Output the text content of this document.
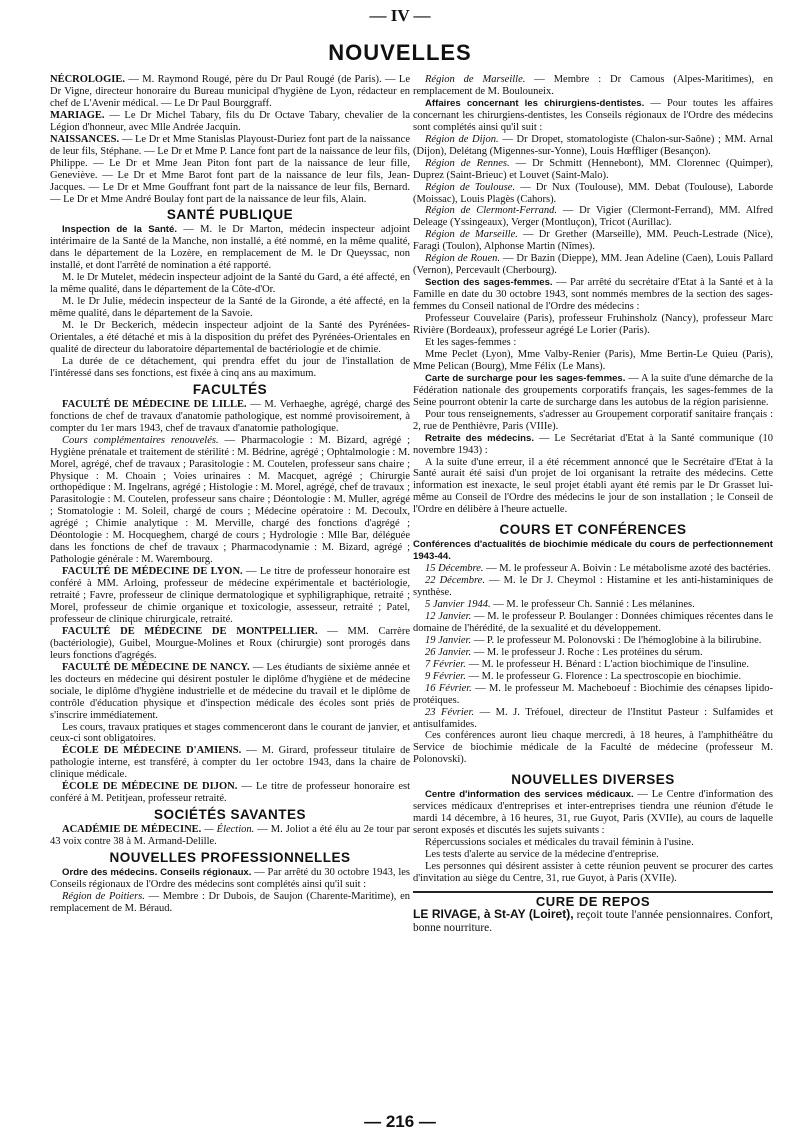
— IV —
NOUVELLES

NÉCROLOGIE. — M. Raymond Rougé, père du Dr Paul Rougé (de Paris). — Le Dr Vigne, directeur honoraire du Bureau municipal d'hygiène de Lyon, rédacteur en chef de L'Avenir médical. — Le Dr Paul Bourggraff.

MARIAGE. — Le Dr Michel Tabary, fils du Dr Octave Tabary, chevalier de la Légion d'honneur, avec Mlle Andrée Jacquin.

NAISSANCES. — Le Dr et Mme Stanislas Playoust-Duriez font part de la naissance de leur fils, Stéphane. — Le Dr et Mme P. Lance font part de la naissance de leur fils, Philippe. — Le Dr et Mme Jean Piton font part de la naissance de leur fille, Geneviève. — Le Dr et Mme Barot font part de la naissance de leur fils, Jean-Jacques. — Le Dr et Mme Gouffrant font part de la naissance de leur fils, Bernard. — Le Dr et Mme André Boulay font part de la naissance de leur fils, Alain.

SANTÉ PUBLIQUE

Inspection de la Santé. — M. le Dr Marton, médecin inspecteur adjoint intérimaire de la Santé de la Manche, non installé, a été nommé, en la même qualité, dans le département de la Lozère, en remplacement de M. le Dr Queyssac, non installé, et dont l'arrêté de nomination a été rapporté.

M. le Dr Mutelet, médecin inspecteur adjoint de la Santé du Gard, a été affecté, en la même qualité, dans le département de la Côte-d'Or.

M. le Dr Julie, médecin inspecteur de la Santé de la Gironde, a été affecté, en la même qualité, dans le département de la Savoie.

M. le Dr Beckerich, médecin inspecteur adjoint de la Santé des Pyrénées-Orientales, a été détaché et mis à la disposition du préfet des Pyrénées-Orientales en qualité de directeur du laboratoire départemental de bactériologie et de chimie.

La durée de ce détachement, qui prendra effet du jour de l'installation de l'intéressé dans ses fonctions, est fixée à cinq ans au maximum.

FACULTÉS

FACULTÉ DE MÉDECINE DE LILLE. — M. Verhaeghe, agrégé, chargé des fonctions de chef de travaux d'anatomie pathologique, est nommé provisoirement, à compter du 1er mars 1943, chef de travaux d'anatomie pathologique.

Cours complémentaires renouvelés. — Pharmacologie : M. Bizard, agrégé ; Hygiène prénatale et traitement de stérilité : M. Bédrine, agrégé ; Ophtalmologie : M. Morel, agrégé, chef de travaux ; Parasitologie : M. Coutelen, professeur sans chaire ; Physique : M. Choain ; Voies urinaires : M. Macquet, agrégé ; Chirurgie orthopédique : M. Ingelrans, agrégé ; Histologie : M. Morel, agrégé, chef de travaux ; Parasitologie : M. Coutelen, professeur sans chaire ; Déontologie : M. Muller, agrégé ; Stomatologie : M. Soleil, chargé de cours ; Médecine opératoire : M. Decoulx, agrégé ; Chimie analytique : M. Merville, chargé des fonctions d'agrégé ; Déontologie : M. Hocqueghem, chargé de cours ; Hydrologie : Mlle Bar, déléguée dans les fonctions de chef de travaux ; Pharmacodynamie : M. Bizard, agrégé ; Pathologie générale : M. Warembourg.

FACULTÉ DE MÉDECINE DE LYON. — Le titre de professeur honoraire est conféré à MM. Arloing, professeur de médecine expérimentale et bactériologie, retraité ; Favre, professeur de clinique dermatologique et syphiligraphique, retraité ; Morel, professeur de chimie organique et toxicologie, assesseur, retraité ; Patel, professeur de clinique chirurgicale, retraité.

FACULTÉ DE MÉDECINE DE MONTPELLIER. — MM. Carrère (bactériologie), Guibel, Mourgue-Molines et Roux (chirurgie) sont prorogés dans leurs fonctions d'agrégés.

FACULTÉ DE MÉDECINE DE NANCY. — Les étudiants de sixième année et les docteurs en médecine qui désirent postuler le diplôme d'hygiène et de médecine sociale, le diplôme d'hygiène industrielle et de médecine du travail et le diplôme de contrôle d'éducation physique et d'inspection médicale des écoles sont priés de s'inscrire immédiatement.

Les cours, travaux pratiques et stages commenceront dans le courant de janvier, et ceux-ci sont obligatoires.

ÉCOLE DE MÉDECINE D'AMIENS. — M. Girard, professeur titulaire de pathologie interne, est transféré, à compter du 1er octobre 1943, dans la chaire de clinique médicale.

ÉCOLE DE MÉDECINE DE DIJON. — Le titre de professeur honoraire est conféré à M. Petitjean, professeur retraité.

SOCIÉTÉS SAVANTES

ACADÉMIE DE MÉDECINE. — Élection. — M. Joliot a été élu au 2e tour par 43 voix contre 38 à M. Armand-Delille.

NOUVELLES PROFESSIONNELLES

Ordre des médecins. Conseils régionaux. — Par arrêté du 30 octobre 1943, les Conseils régionaux de l'Ordre des médecins sont complétés ainsi qu'il suit :

Région de Poitiers. — Membre : Dr Dubois, de Saujon (Charente-Maritime), en remplacement de M. Béraud.

Région de Marseille. — Membre : Dr Camous (Alpes-Maritimes), en remplacement de M. Boulouneix.

Affaires concernant les chirurgiens-dentistes. — Pour toutes les affaires concernant les chirurgiens-dentistes, les Conseils régionaux de l'Ordre des médecins sont complétés ainsi qu'il suit :

Région de Dijon. — Dr Dropet, stomatologiste (Chalon-sur-Saône) ; MM. Arnal (Dijon), Delétang (Migennes-sur-Yonne), Louis Hœffliger (Besançon).

Région de Rennes. — Dr Schmitt (Hennebont), MM. Clorennec (Quimper), Duprez (Saint-Brieuc) et Louvet (Saint-Malo).

Région de Toulouse. — Dr Nux (Toulouse), MM. Debat (Toulouse), Laborde (Moissac), Louis Plagès (Cahors).

Région de Clermont-Ferrand. — Dr Vigier (Clermont-Ferrand), MM. Alfred Deleage (Yssingeaux), Verger (Montluçon), Tricot (Aurillac).

Région de Marseille. — Dr Grether (Marseille), MM. Peuch-Lestrade (Nice), Faragi (Toulon), Alphonse Martin (Nîmes).

Région de Rouen. — Dr Bazin (Dieppe), MM. Jean Adeline (Caen), Louis Pallard (Vernon), Percevault (Cherbourg).

Section des sages-femmes. — Par arrêté du secrétaire d'Etat à la Santé et à la Famille en date du 30 octobre 1943, sont nommés membres de la section des sages-femmes du Conseil national de l'Ordre des médecins :

Professeur Couvelaire (Paris), professeur Fruhinsholz (Nancy), professeur Marc Rivière (Bordeaux), professeur agrégé Le Lorier (Paris).

Et les sages-femmes :

Mme Peclet (Lyon), Mme Valby-Renier (Paris), Mme Bertin-Le Quieu (Paris), Mme Pelican (Bourg), Mme Félix (Le Mans).

Carte de surcharge pour les sages-femmes. — A la suite d'une démarche de la Fédération nationale des groupements corporatifs français, les sages-femmes de la Seine pourront obtenir la carte de surcharge dans les autobus de la région parisienne.

Pour tous renseignements, s'adresser au Groupement corporatif sanitaire français : 2, rue de Penthièvre, Paris (VIIIe).

Retraite des médecins. — Le Secrétariat d'Etat à la Santé communique (10 novembre 1943) :

A la suite d'une erreur, il a été récemment annoncé que le Secrétaire d'Etat à la Santé aurait été saisi d'un projet de loi organisant la retraite des médecins. Cette information est inexacte, le seul projet établi ayant été remis par le Dr Grasset lui-même au Conseil de l'Ordre des médecins le jour de son installation ; le Conseil de l'Ordre en délibère à l'heure actuelle.

COURS ET CONFÉRENCES

Conférences d'actualités de biochimie médicale du cours de perfectionnement 1943-44.

15 Décembre. — M. le professeur A. Boivin : Le métabolisme azoté des bactéries.

22 Décembre. — M. le Dr J. Cheymol : Histamine et les anti-histaminiques de synthèse.

5 Janvier 1944. — M. le professeur Ch. Sannié : Les mélanines.

12 Janvier. — M. le professeur P. Boulanger : Données chimiques récentes dans le domaine de l'hérédité, de la sexualité et du développement.

19 Janvier. — P. le professeur M. Polonovski : De l'hémoglobine à la bilirubine.

26 Janvier. — M. le professeur J. Roche : Les protéines du sérum.

7 Février. — M. le professeur H. Bénard : L'action biochimique de l'insuline.

9 Février. — M. le professeur G. Florence : La spectroscopie en biochimie.

16 Février. — M. le professeur M. Macheboeuf : Biochimie des cénapses lipido-protéiques.

23 Février. — M. J. Tréfouel, directeur de l'Institut Pasteur : Sulfamides et antisulfamides.

Ces conférences auront lieu chaque mercredi, à 18 heures, à l'amphithéâtre du Service de biochimie médicale de la Faculté de médecine (professeur M. Polonovski).

NOUVELLES DIVERSES

Centre d'information des services médicaux. — Le Centre d'information des services médicaux d'entreprises et inter-entreprises tiendra une réunion d'étude le mardi 14 décembre, à 16 heures, 31, rue Guyot, Paris (XVIIe), au cours de laquelle seront exposés et discutés les sujets suivants :

Répercussions sociales et médicales du travail féminin à l'usine.

Les tests d'alerte au service de la médecine d'entreprise.

Les personnes qui désirent assister à cette réunion peuvent se procurer des cartes d'invitation au siège du Centre, 31, rue Guyot, à Paris (XVIIe).

CURE DE REPOS

LE RIVAGE, à St-AY (Loiret), reçoit toute l'année pensionnaires. Confort, bonne nourriture.

— 216 —
